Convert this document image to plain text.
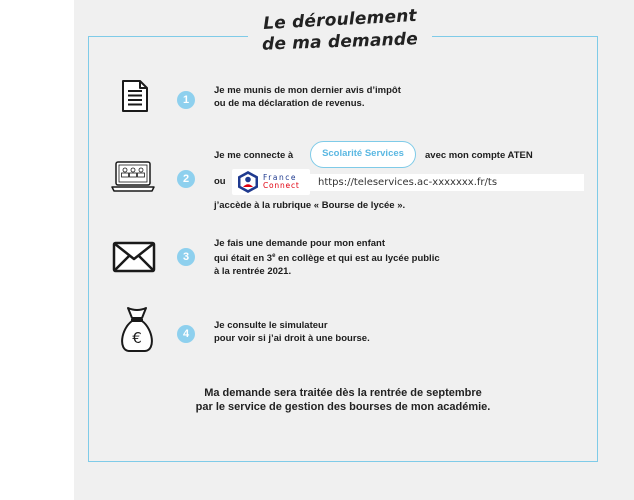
Le déroulement
de ma demande
1
Je me munis de mon dernier avis d’impôt
ou de ma déclaration de revenus.
2
Je me connecte à	Scolarité Services	avec mon compte ATEN
ou	France
Connect	https://teleservices.ac-xxxxxxx.fr/ts
j’accède à la rubrique « Bourse de lycée ».
3
Je fais une demande pour mon enfant
qui était en 3e en collège et qui est au lycée public
à la rentrée 2021.
€	4
Je consulte le simulateur
pour voir si j’ai droit à une bourse.
Ma demande sera traitée dès la rentrée de septembre
par le service de gestion des bourses de mon académie.
